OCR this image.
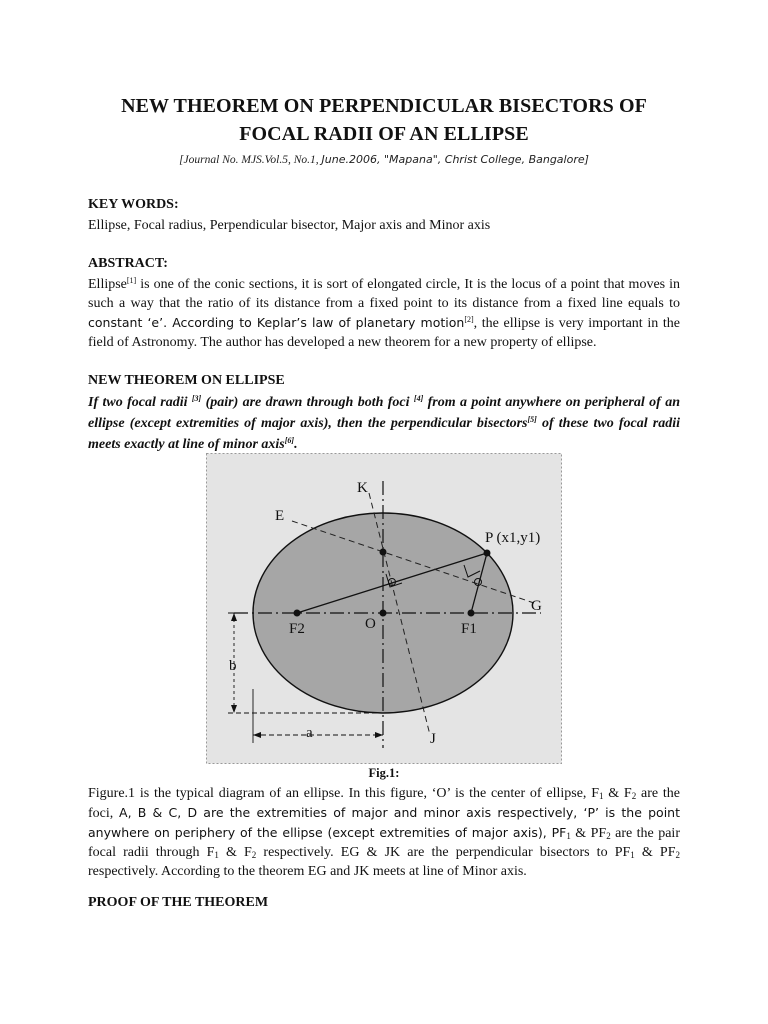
NEW THEOREM ON PERPENDICULAR BISECTORS OF
FOCAL RADII OF AN ELLIPSE
[Journal No. MJS.Vol.5, No.1, June.2006, "Mapana", Christ College, Bangalore]
KEY WORDS:

Ellipse, Focal radius, Perpendicular bisector, Major axis and Minor axis

ABSTRACT:

Ellipse[1] is one of the conic sections, it is sort of elongated circle, It is the locus of a point that moves in such a way that the ratio of its distance from a fixed point to its distance from a fixed line equals to constant ‘e’. According to Keplar’s law of planetary motion[2], the ellipse is very important in the field of Astronomy. The author has developed a new theorem for a new property of ellipse.

NEW THEOREM ON ELLIPSE
If two focal radii [3] (pair) are drawn through both foci [4] from a point anywhere on peripheral of an ellipse (except extremities of major axis), then the perpendicular bisectors[5] of these two focal radii meets exactly at line of minor axis[6].
K
E
P (x1,y1)
G
F2	O	F1
b
a	J
Fig.1:

Figure.1 is the typical diagram of an ellipse. In this figure, ‘O’ is the center of ellipse, $F_1$ & $F_2$ are the foci, A, B & C, D are the extremities of major and minor axis respectively, ‘P’ is the point anywhere on periphery of the ellipse (except extremities of major axis), $PF_1$ & $PF_2$ are the pair focal radii through $F_1$ & $F_2$ respectively. EG & JK are the perpendicular bisectors to $PF_1$ & $PF_2$ respectively. According to the theorem EG and JK meets at line of Minor axis.

PROOF OF THE THEOREM
